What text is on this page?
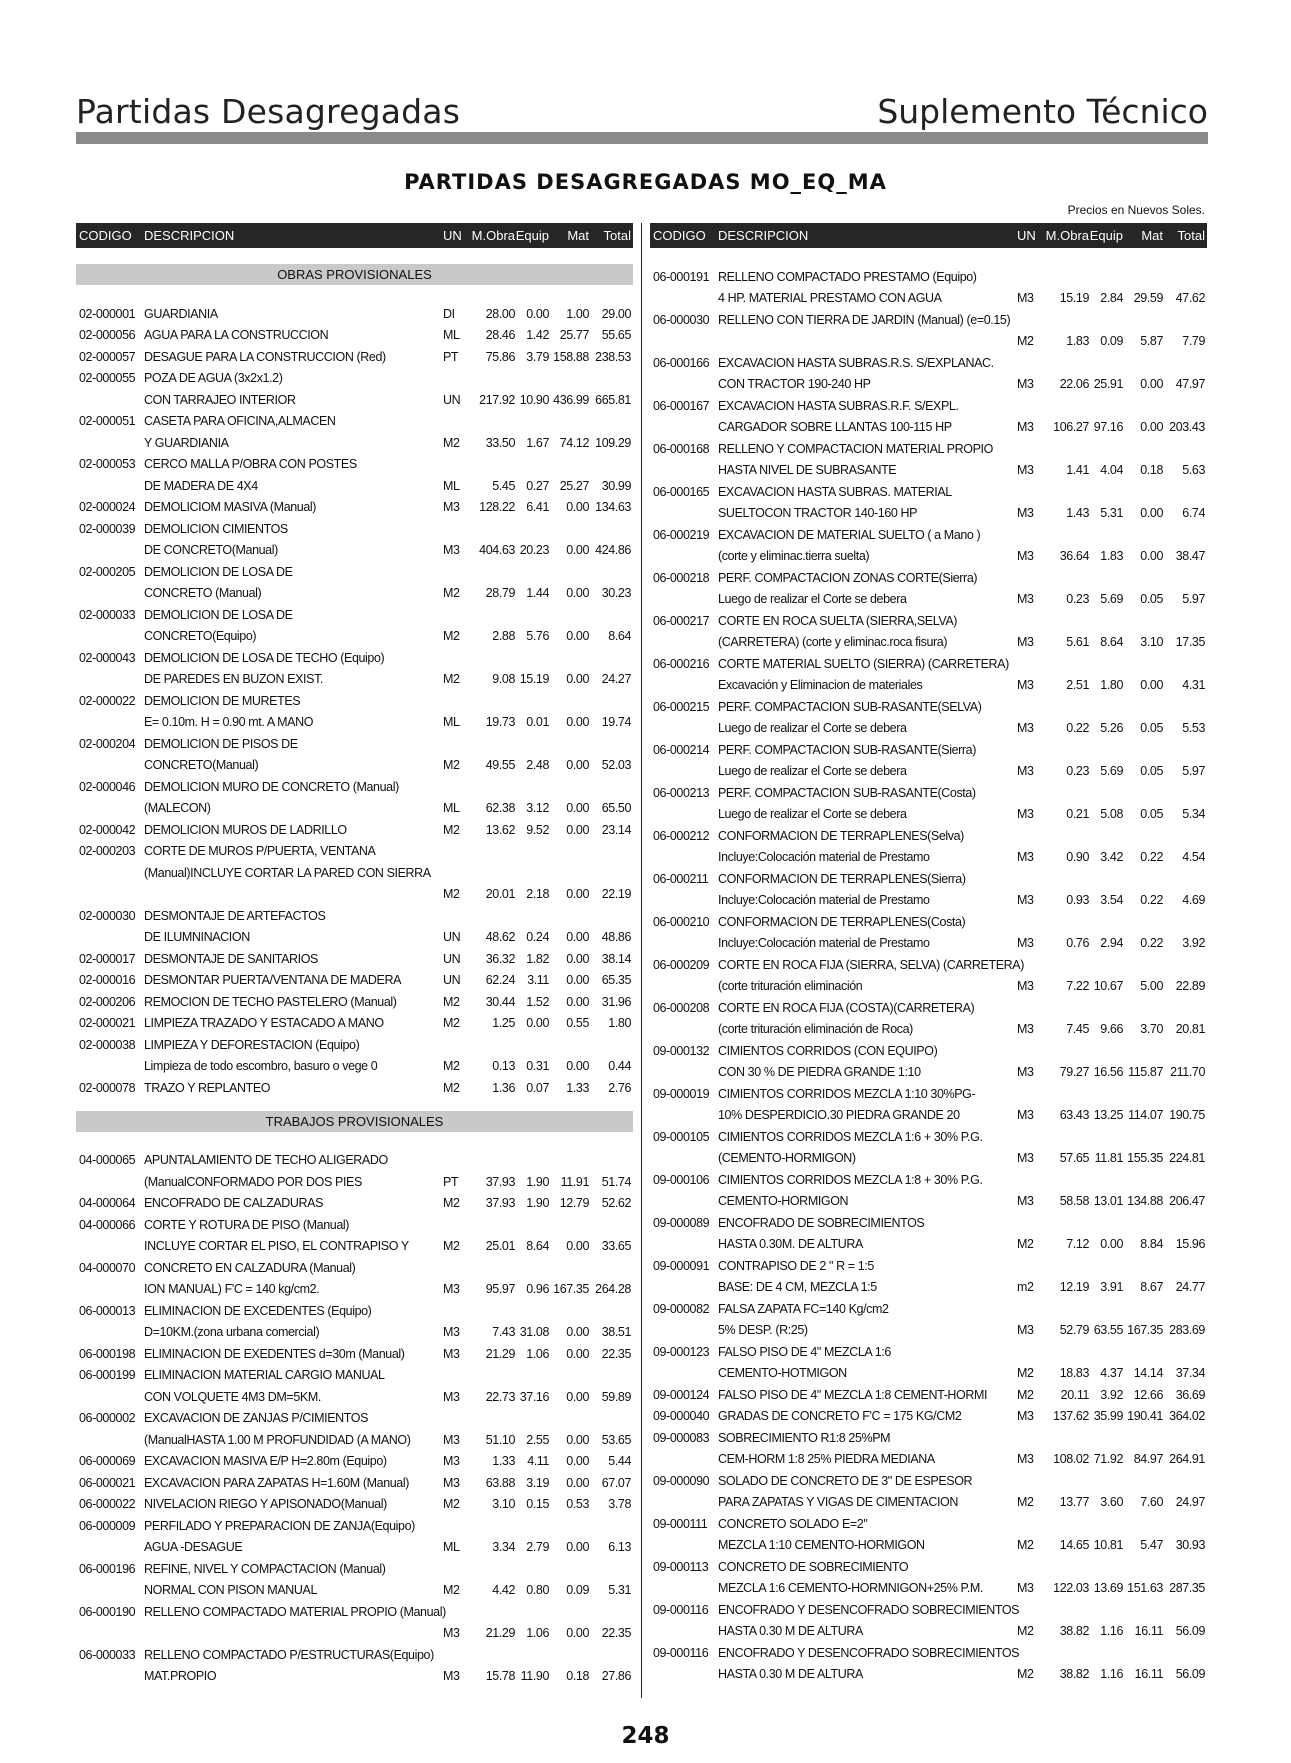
Partidas Desagregadas	Suplemento Técnico
PARTIDAS DESAGREGADAS MO_EQ_MA
Precios en Nuevos Soles.
CODIGO DESCRIPCION	UN M.Obra Equip	Mat	Total
OBRAS PROVISIONALES
02-000001 GUARDIANIA	DI	28.00 0.00	1.00	29.00
02-000056 AGUA PARA LA CONSTRUCCION	ML	28.46 1.42 25.77	55.65
02-000057 DESAGUE PARA LA CONSTRUCCION (Red)	PT	75.86 3.79 158.88 238.53
02-000055 POZA DE AGUA (3x2x1.2)
CON TARRAJEO INTERIOR	UN	217.92 10.90 436.99 665.81
02-000051 CASETA PARA OFICINA,ALMACEN
Y GUARDIANIA	M2	33.50 1.67 74.12 109.29
02-000053 CERCO MALLA P/OBRA CON POSTES
DE MADERA DE 4X4	ML	5.45 0.27 25.27	30.99
02-000024 DEMOLICIOM MASIVA (Manual)	M3	128.22 6.41	0.00 134.63
02-000039 DEMOLICION CIMIENTOS
DE CONCRETO(Manual)	M3	404.63 20.23	0.00 424.86
02-000205 DEMOLICION DE LOSA DE
CONCRETO (Manual)	M2	28.79 1.44	0.00	30.23
02-000033 DEMOLICION DE LOSA DE
CONCRETO(Equipo)	M2	2.88 5.76	0.00	8.64
02-000043 DEMOLICION DE LOSA DE TECHO (Equipo)
DE PAREDES EN BUZON EXIST.	M2	9.08 15.19	0.00	24.27
02-000022 DEMOLICION DE MURETES
E= 0.10m. H = 0.90 mt. A MANO	ML	19.73 0.01	0.00	19.74
02-000204 DEMOLICION DE PISOS DE
CONCRETO(Manual)	M2	49.55 2.48	0.00	52.03
02-000046 DEMOLICION MURO DE CONCRETO (Manual)
(MALECON)	ML	62.38 3.12	0.00	65.50
02-000042 DEMOLICION MUROS DE LADRILLO	M2	13.62 9.52	0.00	23.14
02-000203 CORTE DE MUROS P/PUERTA, VENTANA
(Manual)INCLUYE CORTAR LA PARED CON SIERRA
M2	20.01 2.18	0.00	22.19
02-000030 DESMONTAJE DE ARTEFACTOS
DE ILUMNINACION	UN	48.62 0.24	0.00	48.86
02-000017 DESMONTAJE DE SANITARIOS	UN	36.32 1.82	0.00	38.14
02-000016 DESMONTAR PUERTA/VENTANA DE MADERA	UN	62.24 3.11	0.00	65.35
02-000206 REMOCION DE TECHO PASTELERO (Manual)	M2	30.44 1.52	0.00	31.96
02-000021 LIMPIEZA TRAZADO Y ESTACADO A MANO	M2	1.25 0.00	0.55	1.80
02-000038 LIMPIEZA Y DEFORESTACION (Equipo)
Limpieza de todo escombro, basuro o vege 0	M2	0.13 0.31	0.00	0.44
02-000078 TRAZO Y REPLANTEO	M2	1.36 0.07	1.33	2.76
TRABAJOS PROVISIONALES
04-000065 APUNTALAMIENTO DE TECHO ALIGERADO
(ManualCONFORMADO POR DOS PIES	PT	37.93 1.90 11.91	51.74
04-000064 ENCOFRADO DE CALZADURAS	M2	37.93 1.90 12.79	52.62
04-000066 CORTE Y ROTURA DE PISO (Manual)
INCLUYE CORTAR EL PISO, EL CONTRAPISO Y	M2	25.01 8.64	0.00	33.65
04-000070 CONCRETO EN CALZADURA (Manual)
ION MANUAL) F'C = 140 kg/cm2.	M3	95.97 0.96 167.35 264.28
06-000013 ELIMINACION DE EXCEDENTES (Equipo)
D=10KM.(zona urbana comercial)	M3	7.43 31.08	0.00	38.51
06-000198 ELIMINACION DE EXEDENTES d=30m (Manual)	M3	21.29 1.06	0.00	22.35
06-000199 ELIMINACION MATERIAL CARGIO MANUAL
CON VOLQUETE 4M3 DM=5KM.	M3	22.73 37.16	0.00	59.89
06-000002 EXCAVACION DE ZANJAS P/CIMIENTOS
(ManualHASTA 1.00 M PROFUNDIDAD (A MANO)	M3	51.10 2.55	0.00	53.65
06-000069 EXCAVACION MASIVA E/P H=2.80m (Equipo)	M3	1.33 4.11	0.00	5.44
06-000021 EXCAVACION PARA ZAPATAS H=1.60M (Manual)	M3	63.88 3.19	0.00	67.07
06-000022 NIVELACION RIEGO Y APISONADO(Manual)	M2	3.10 0.15	0.53	3.78
06-000009 PERFILADO Y PREPARACION DE ZANJA(Equipo)
AGUA -DESAGUE	ML	3.34 2.79	0.00	6.13
06-000196 REFINE, NIVEL Y COMPACTACION (Manual)
NORMAL CON PISON MANUAL	M2	4.42 0.80	0.09	5.31
06-000190 RELLENO COMPACTADO MATERIAL PROPIO (Manual)
M3	21.29 1.06	0.00	22.35
06-000033 RELLENO COMPACTADO P/ESTRUCTURAS(Equipo)
MAT.PROPIO	M3	15.78 11.90	0.18	27.86
CODIGO DESCRIPCION	UN M.Obra Equip	Mat	Total
06-000191 RELLENO COMPACTADO PRESTAMO (Equipo)
4 HP. MATERIAL PRESTAMO CON AGUA	M3	15.19 2.84 29.59	47.62
06-000030 RELLENO CON TIERRA DE JARDIN (Manual) (e=0.15)
M2	1.83 0.09	5.87	7.79
06-000166 EXCAVACION HASTA SUBRAS.R.S. S/EXPLANAC.
CON TRACTOR 190-240 HP	M3	22.06 25.91	0.00	47.97
06-000167 EXCAVACION HASTA SUBRAS.R.F. S/EXPL.
CARGADOR SOBRE LLANTAS 100-115 HP	M3	106.27 97.16	0.00 203.43
06-000168 RELLENO Y COMPACTACION MATERIAL PROPIO
HASTA NIVEL DE SUBRASANTE	M3	1.41 4.04	0.18	5.63
06-000165 EXCAVACION HASTA SUBRAS. MATERIAL
SUELTOCON TRACTOR 140-160 HP	M3	1.43 5.31	0.00	6.74
06-000219 EXCAVACION DE MATERIAL SUELTO ( a Mano )
(corte y eliminac.tierra suelta)	M3	36.64 1.83	0.00	38.47
06-000218 PERF. COMPACTACION ZONAS CORTE(Sierra)
Luego de realizar el Corte se debera	M3	0.23 5.69	0.05	5.97
06-000217 CORTE EN ROCA SUELTA (SIERRA,SELVA)
(CARRETERA) (corte y eliminac.roca fisura)	M3	5.61 8.64	3.10	17.35
06-000216 CORTE MATERIAL SUELTO (SIERRA) (CARRETERA)
Excavación y Eliminacion de materiales	M3	2.51 1.80	0.00	4.31
06-000215 PERF. COMPACTACION SUB-RASANTE(SELVA)
Luego de realizar el Corte se debera	M3	0.22 5.26	0.05	5.53
06-000214 PERF. COMPACTACION SUB-RASANTE(Sierra)
Luego de realizar el Corte se debera	M3	0.23 5.69	0.05	5.97
06-000213 PERF. COMPACTACION SUB-RASANTE(Costa)
Luego de realizar el Corte se debera	M3	0.21 5.08	0.05	5.34
06-000212 CONFORMACION DE TERRAPLENES(Selva)
Incluye:Colocación material de Prestamo	M3	0.90 3.42	0.22	4.54
06-000211 CONFORMACION DE TERRAPLENES(Sierra)
Incluye:Colocación material de Prestamo	M3	0.93 3.54	0.22	4.69
06-000210 CONFORMACION DE TERRAPLENES(Costa)
Incluye:Colocación material de Prestamo	M3	0.76 2.94	0.22	3.92
06-000209 CORTE EN ROCA FIJA (SIERRA, SELVA) (CARRETERA)
(corte trituración eliminación	M3	7.22 10.67	5.00	22.89
06-000208 CORTE EN ROCA FIJA (COSTA)(CARRETERA)
(corte trituración eliminación de Roca)	M3	7.45 9.66	3.70	20.81
09-000132 CIMIENTOS CORRIDOS (CON EQUIPO)
CON 30 % DE PIEDRA GRANDE 1:10	M3	79.27 16.56 115.87 211.70
09-000019 CIMIENTOS CORRIDOS MEZCLA 1:10 30%PG-
10% DESPERDICIO.30 PIEDRA GRANDE 20	M3	63.43 13.25 114.07 190.75
09-000105 CIMIENTOS CORRIDOS MEZCLA 1:6 + 30% P.G.
(CEMENTO-HORMIGON)	M3	57.65 11.81 155.35 224.81
09-000106 CIMIENTOS CORRIDOS MEZCLA 1:8 + 30% P.G.
CEMENTO-HORMIGON	M3	58.58 13.01 134.88 206.47
09-000089 ENCOFRADO DE SOBRECIMIENTOS
HASTA 0.30M. DE ALTURA	M2	7.12 0.00	8.84	15.96
09-000091 CONTRAPISO DE 2 " R = 1:5
BASE: DE 4 CM, MEZCLA 1:5	m2	12.19 3.91	8.67	24.77
09-000082 FALSA ZAPATA FC=140 Kg/cm2
5% DESP. (R:25)	M3	52.79 63.55 167.35 283.69
09-000123 FALSO PISO DE 4" MEZCLA 1:6
CEMENTO-HOTMIGON	M2	18.83 4.37 14.14	37.34
09-000124 FALSO PISO DE 4" MEZCLA 1:8 CEMENT-HORMI	M2	20.11 3.92 12.66	36.69
09-000040 GRADAS DE CONCRETO F'C = 175 KG/CM2	M3	137.62 35.99 190.41 364.02
09-000083 SOBRECIMIENTO R1:8 25%PM
CEM-HORM 1:8 25% PIEDRA MEDIANA	M3	108.02 71.92 84.97 264.91
09-000090 SOLADO DE CONCRETO DE 3" DE ESPESOR
PARA ZAPATAS Y VIGAS DE CIMENTACION	M2	13.77 3.60	7.60	24.97
09-000111 CONCRETO SOLADO E=2"
MEZCLA 1:10 CEMENTO-HORMIGON	M2	14.65 10.81	5.47	30.93
09-000113 CONCRETO DE SOBRECIMIENTO
MEZCLA 1:6 CEMENTO-HORMNIGON+25% P.M.	M3	122.03 13.69 151.63 287.35
09-000116 ENCOFRADO Y DESENCOFRADO SOBRECIMIENTOS
HASTA 0.30 M DE ALTURA	M2	38.82 1.16 16.11	56.09
09-000116 ENCOFRADO Y DESENCOFRADO SOBRECIMIENTOS
HASTA 0.30 M DE ALTURA	M2	38.82 1.16 16.11	56.09
248
